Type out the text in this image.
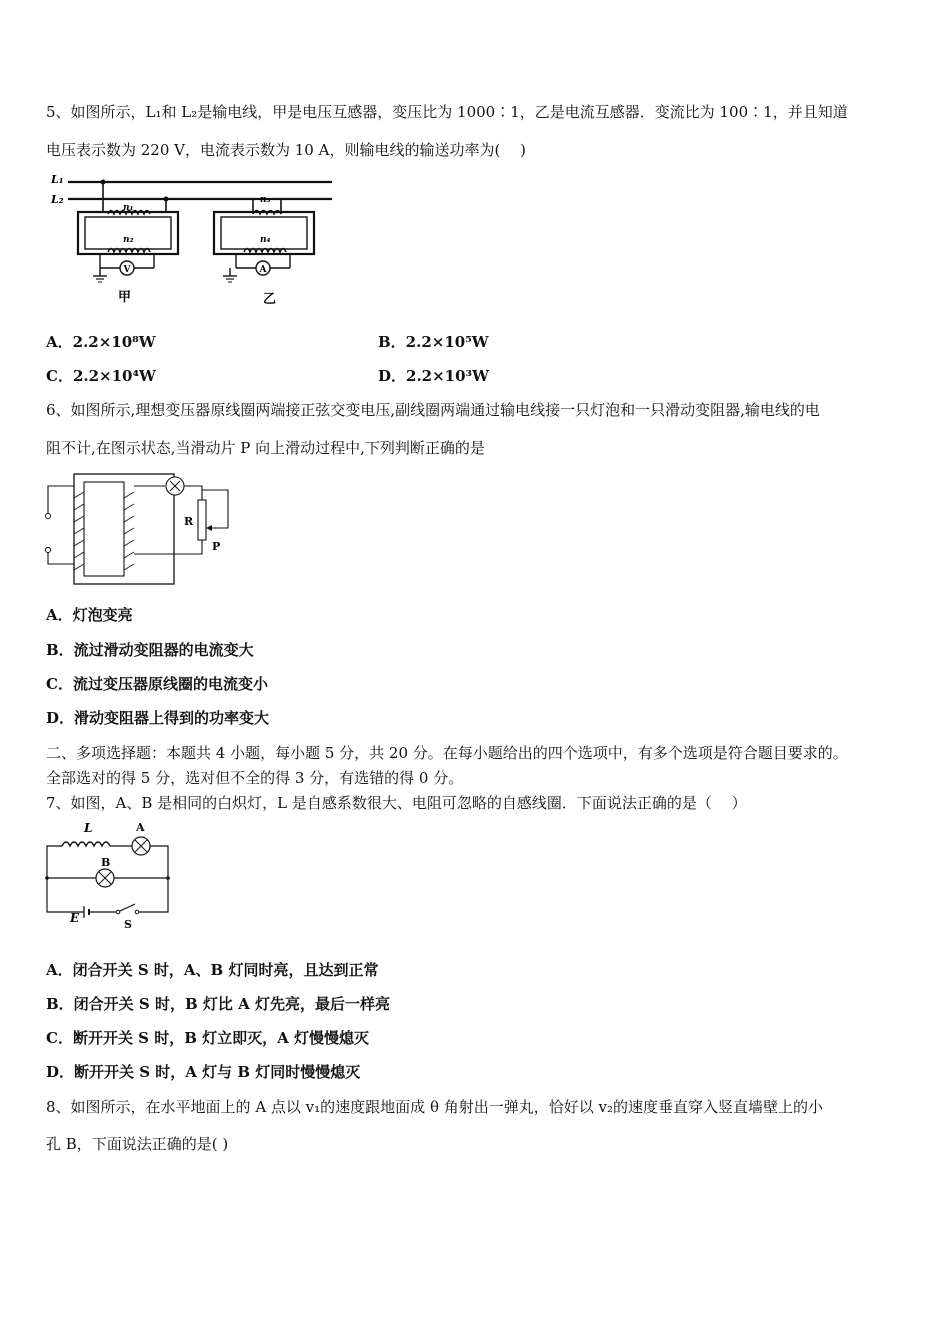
5、如图所示，L₁和 L₂是输电线，甲是电压互感器，变压比为 1000∶1，乙是电流互感器．变流比为 100∶1，并且知道
电压表示数为 220 V，电流表示数为 10 A，则输电线的输送功率为(　 )
L₁
L₂
n₁
n₂
V
甲
n₃
n₄
A
乙
A．2.2×10⁸W	B．2.2×10⁵W
C．2.2×10⁴W	D．2.2×10³W
6、如图所示,理想变压器原线圈两端接正弦交变电压,副线圈两端通过输电线接一只灯泡和一只滑动变阻器,输电线的电
阻不计,在图示状态,当滑动片 P 向上滑动过程中,下列判断正确的是
R
P
A．灯泡变亮
B．流过滑动变阻器的电流变大
C．流过变压器原线圈的电流变小
D．滑动变阻器上得到的功率变大
二、多项选择题：本题共 4 小题，每小题 5 分，共 20 分。在每小题给出的四个选项中，有多个选项是符合题目要求的。
全部选对的得 5 分，选对但不全的得 3 分，有选错的得 0 分。
7、如图，A、B 是相同的白炽灯，L 是自感系数很大、电阻可忽略的自感线圈．下面说法正确的是（　 ）
L	A
B
E	S
A．闭合开关 S 时，A、B 灯同时亮，且达到正常
B．闭合开关 S 时，B 灯比 A 灯先亮，最后一样亮
C．断开开关 S 时，B 灯立即灭，A 灯慢慢熄灭
D．断开开关 S 时，A 灯与 B 灯同时慢慢熄灭
8、如图所示，在水平地面上的 A 点以 v₁的速度跟地面成 θ 角射出一弹丸，恰好以 v₂的速度垂直穿入竖直墙壁上的小
孔 B，下面说法正确的是( )
